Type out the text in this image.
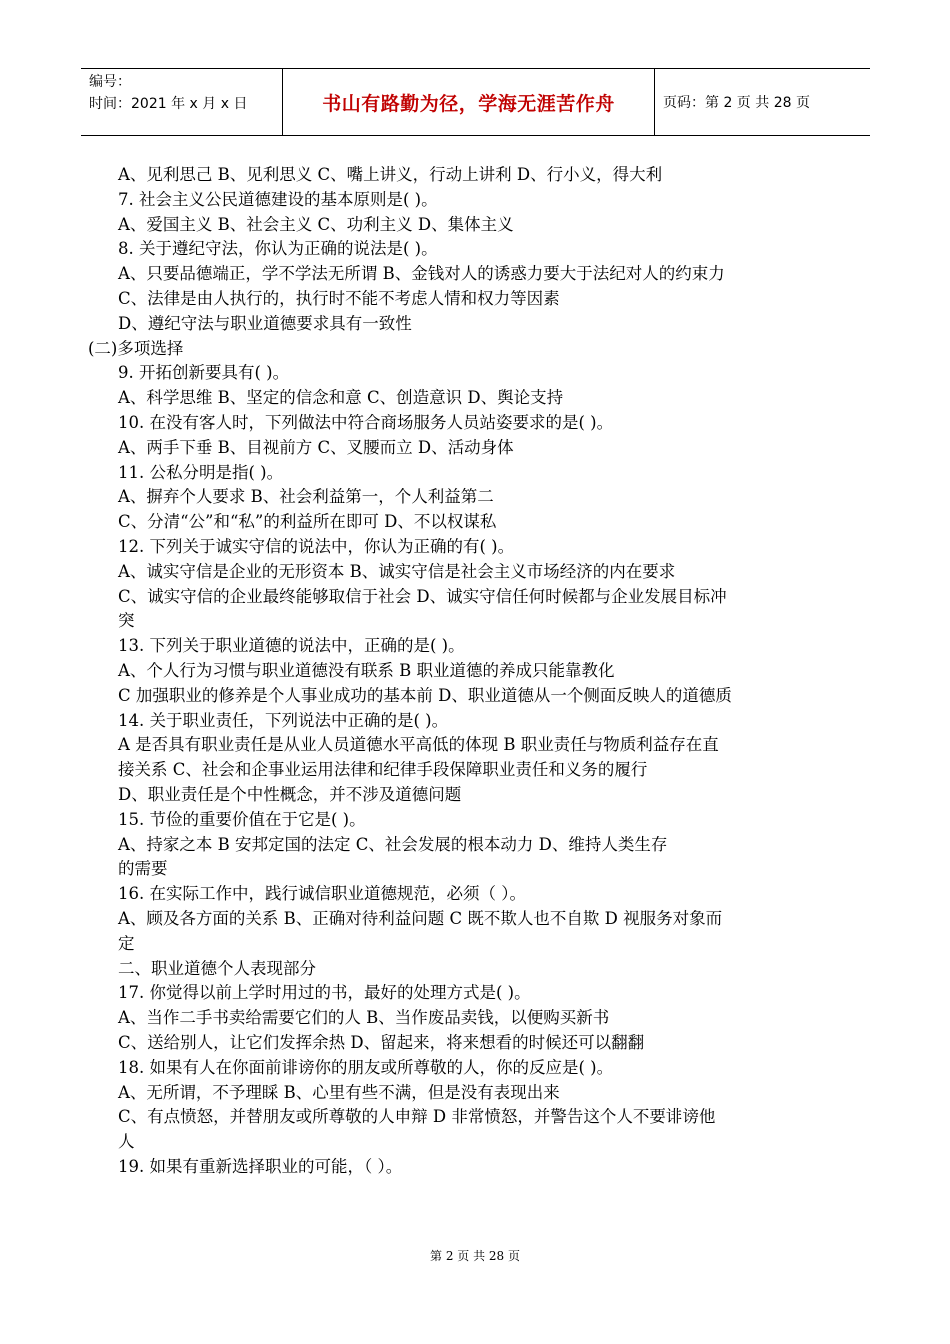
编号：
时间：2021 年 x 月 x 日	书山有路勤为径，学海无涯苦作舟	页码：第 2 页 共 28 页
A、见利思己 B、见利思义 C、嘴上讲义，行动上讲利 D、行小义，得大利
7. 社会主义公民道德建设的基本原则是( )。
A、爱国主义 B、社会主义 C、功利主义 D、集体主义
8. 关于遵纪守法，你认为正确的说法是( )。
A、只要品德端正，学不学法无所谓 B、金钱对人的诱惑力要大于法纪对人的约束力
C、法律是由人执行的，执行时不能不考虑人情和权力等因素
D、遵纪守法与职业道德要求具有一致性
(二)多项选择
9. 开拓创新要具有( )。
A、科学思维 B、坚定的信念和意 C、创造意识 D、舆论支持
10. 在没有客人时，下列做法中符合商场服务人员站姿要求的是( )。
A、两手下垂 B、目视前方 C、叉腰而立 D、活动身体
11. 公私分明是指( )。
A、摒弃个人要求 B、社会利益第一，个人利益第二
C、分清“公”和“私”的利益所在即可 D、不以权谋私
12. 下列关于诚实守信的说法中，你认为正确的有( )。
A、诚实守信是企业的无形资本 B、诚实守信是社会主义市场经济的内在要求
C、诚实守信的企业最终能够取信于社会 D、诚实守信任何时候都与企业发展目标冲
突
13. 下列关于职业道德的说法中，正确的是( )。
A、个人行为习惯与职业道德没有联系 B 职业道德的养成只能靠教化
C 加强职业的修养是个人事业成功的基本前 D、职业道德从一个侧面反映人的道德质
14. 关于职业责任，下列说法中正确的是( )。
A 是否具有职业责任是从业人员道德水平高低的体现 B 职业责任与物质利益存在直
接关系 C、社会和企事业运用法律和纪律手段保障职业责任和义务的履行
D、职业责任是个中性概念，并不涉及道德问题
15. 节俭的重要价值在于它是( )。
A、持家之本 B 安邦定国的法定 C、社会发展的根本动力 D、维持人类生存
的需要
16. 在实际工作中，践行诚信职业道德规范，必须（ ）。
A、顾及各方面的关系 B、正确对待利益问题 C 既不欺人也不自欺 D 视服务对象而
定
二、职业道德个人表现部分
17. 你觉得以前上学时用过的书，最好的处理方式是( )。
A、当作二手书卖给需要它们的人 B、当作废品卖钱，以便购买新书
C、送给别人，让它们发挥余热 D、留起来，将来想看的时候还可以翻翻
18. 如果有人在你面前诽谤你的朋友或所尊敬的人，你的反应是( )。
A、无所谓，不予理睬 B、心里有些不满，但是没有表现出来
C、有点愤怒，并替朋友或所尊敬的人申辩 D 非常愤怒，并警告这个人不要诽谤他
人
19. 如果有重新选择职业的可能，（ ）。
第 2 页 共 28 页
